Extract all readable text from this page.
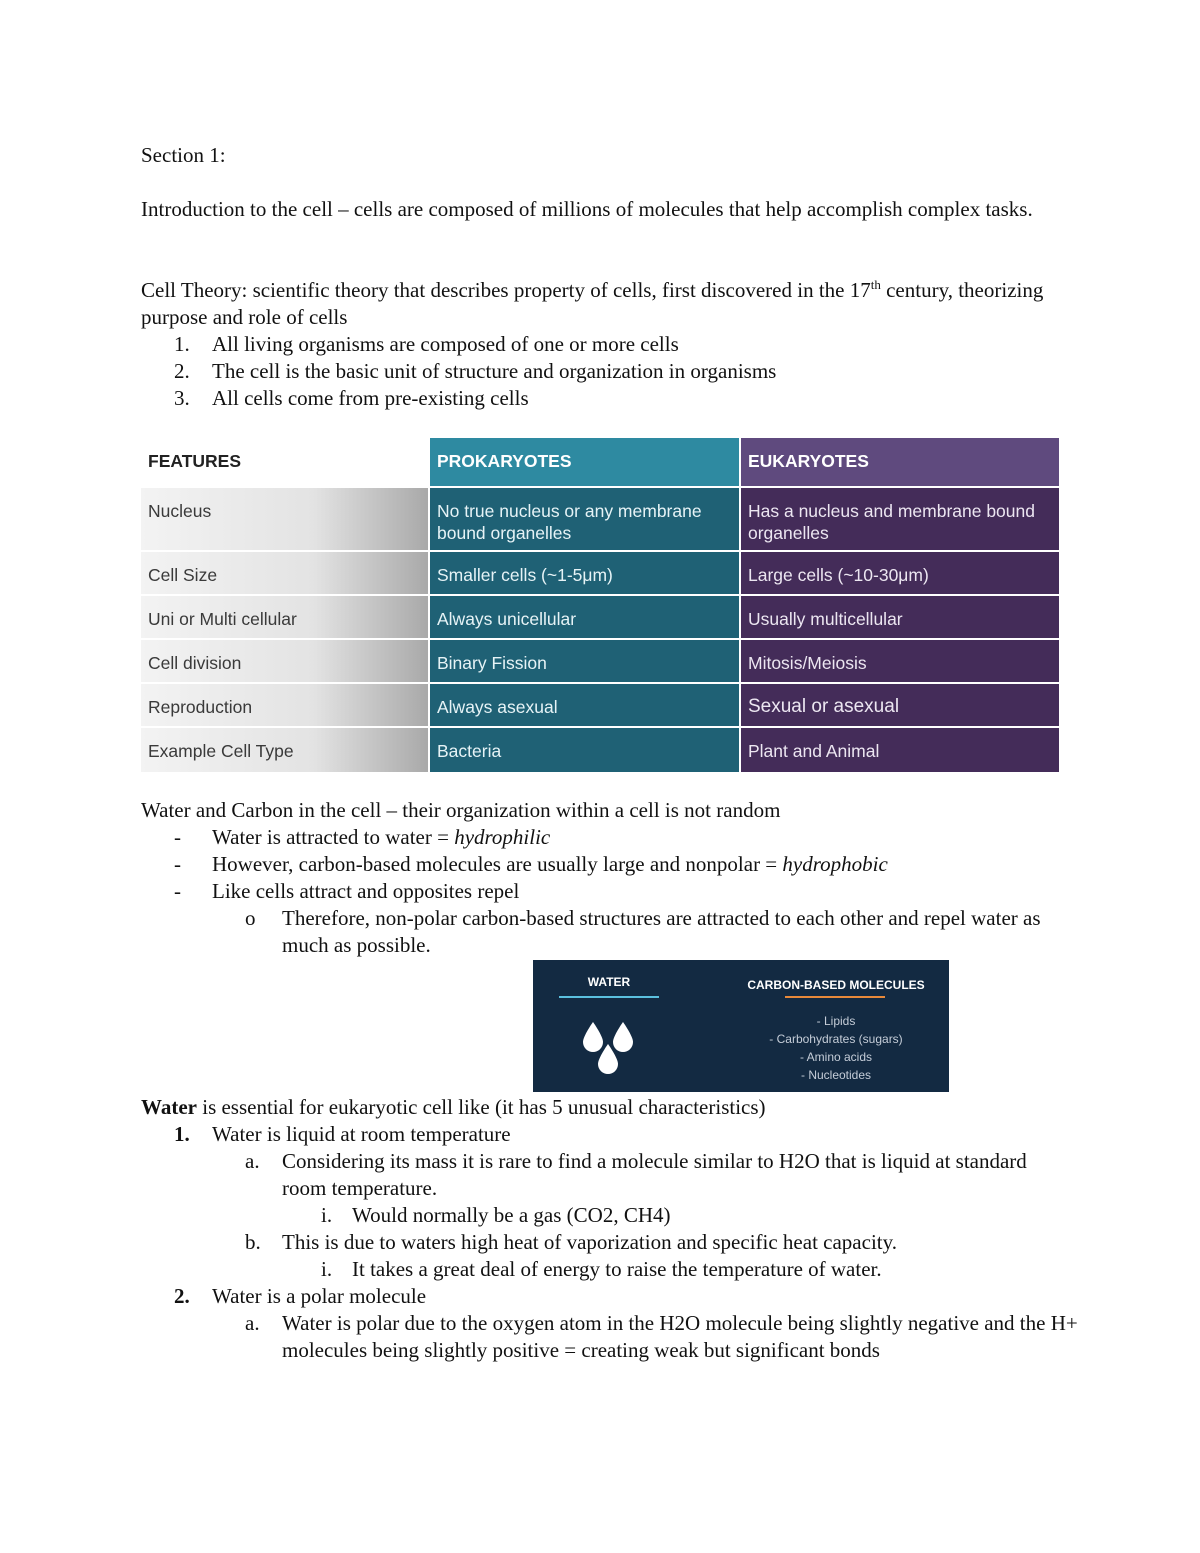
Section 1:

Introduction to the cell – cells are composed of millions of molecules that help accomplish complex tasks.

Cell Theory: scientific theory that describes property of cells, first discovered in the 17th century, theorizing purpose and role of cells

1. All living organisms are composed of one or more cells
2. The cell is the basic unit of structure and organization in organisms
3. All cells come from pre-existing cells
FEATURES	PROKARYOTES	EUKARYOTES
Nucleus	No true nucleus or any membrane bound organelles	Has a nucleus and membrane bound organelles
Cell Size	Smaller cells (~1-5μm)	Large cells (~10-30μm)
Uni or Multi cellular	Always unicellular	Usually multicellular
Cell division	Binary Fission	Mitosis/Meiosis
Reproduction	Always asexual	Sexual or asexual
Example Cell Type	Bacteria	Plant and Animal

Water and Carbon in the cell – their organization within a cell is not random

- Water is attracted to water = hydrophilic
- However, carbon-based molecules are usually large and nonpolar = hydrophobic
- Like cells attract and opposites repel
o Therefore, non-polar carbon-based structures are attracted to each other and repel water as much as possible.
WATER	CARBON-BASED MOLECULES
- Lipids
- Carbohydrates (sugars)
- Amino acids
- Nucleotides

Water is essential for eukaryotic cell like (it has 5 unusual characteristics)

1. Water is liquid at room temperature
a. Considering its mass it is rare to find a molecule similar to H2O that is liquid at standard room temperature.
i. Would normally be a gas (CO2, CH4)
b. This is due to waters high heat of vaporization and specific heat capacity.
i. It takes a great deal of energy to raise the temperature of water.
2. Water is a polar molecule
a. Water is polar due to the oxygen atom in the H2O molecule being slightly negative and the H+ molecules being slightly positive = creating weak but significant bonds
